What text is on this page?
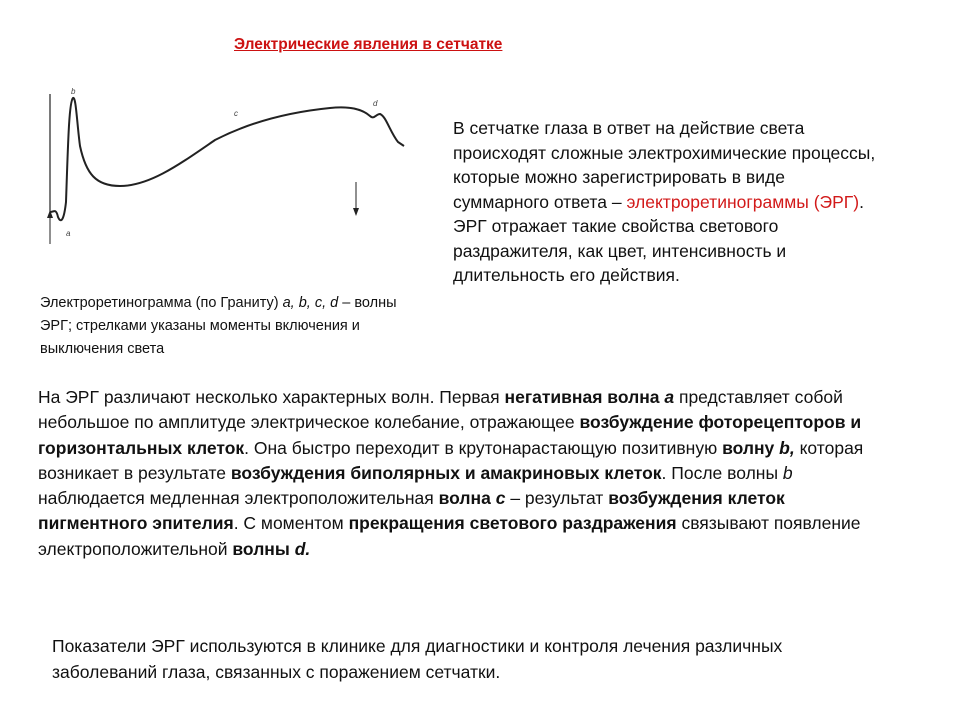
Электрические явления в сетчатке
a
b
c
d
Электроретинограмма (по Граниту) a, b, c, d – волны ЭРГ; стрелками указаны моменты включения и выключения света
В сетчатке глаза в ответ на действие света происходят сложные электрохимические процессы, которые можно зарегистрировать в виде суммарного ответа – электроретинограммы (ЭРГ).
ЭРГ отражает такие свойства светового раздражителя, как цвет, интенсивность и длительность его действия.
На ЭРГ различают несколько характерных волн. Первая негативная волна a представляет собой небольшое по амплитуде электрическое колебание, отражающее возбуждение фоторецепторов и горизонтальных клеток. Она быстро переходит в крутонарастающую позитивную волну b, которая возникает в результате возбуждения биполярных и амакриновых клеток. После волны b наблюдается медленная электроположительная волна c – результат возбуждения клеток пигментного эпителия. С моментом прекращения светового раздражения связывают появление электроположительной волны d.
Показатели ЭРГ используются в клинике для диагностики и контроля лечения различных заболеваний глаза, связанных с поражением сетчатки.
